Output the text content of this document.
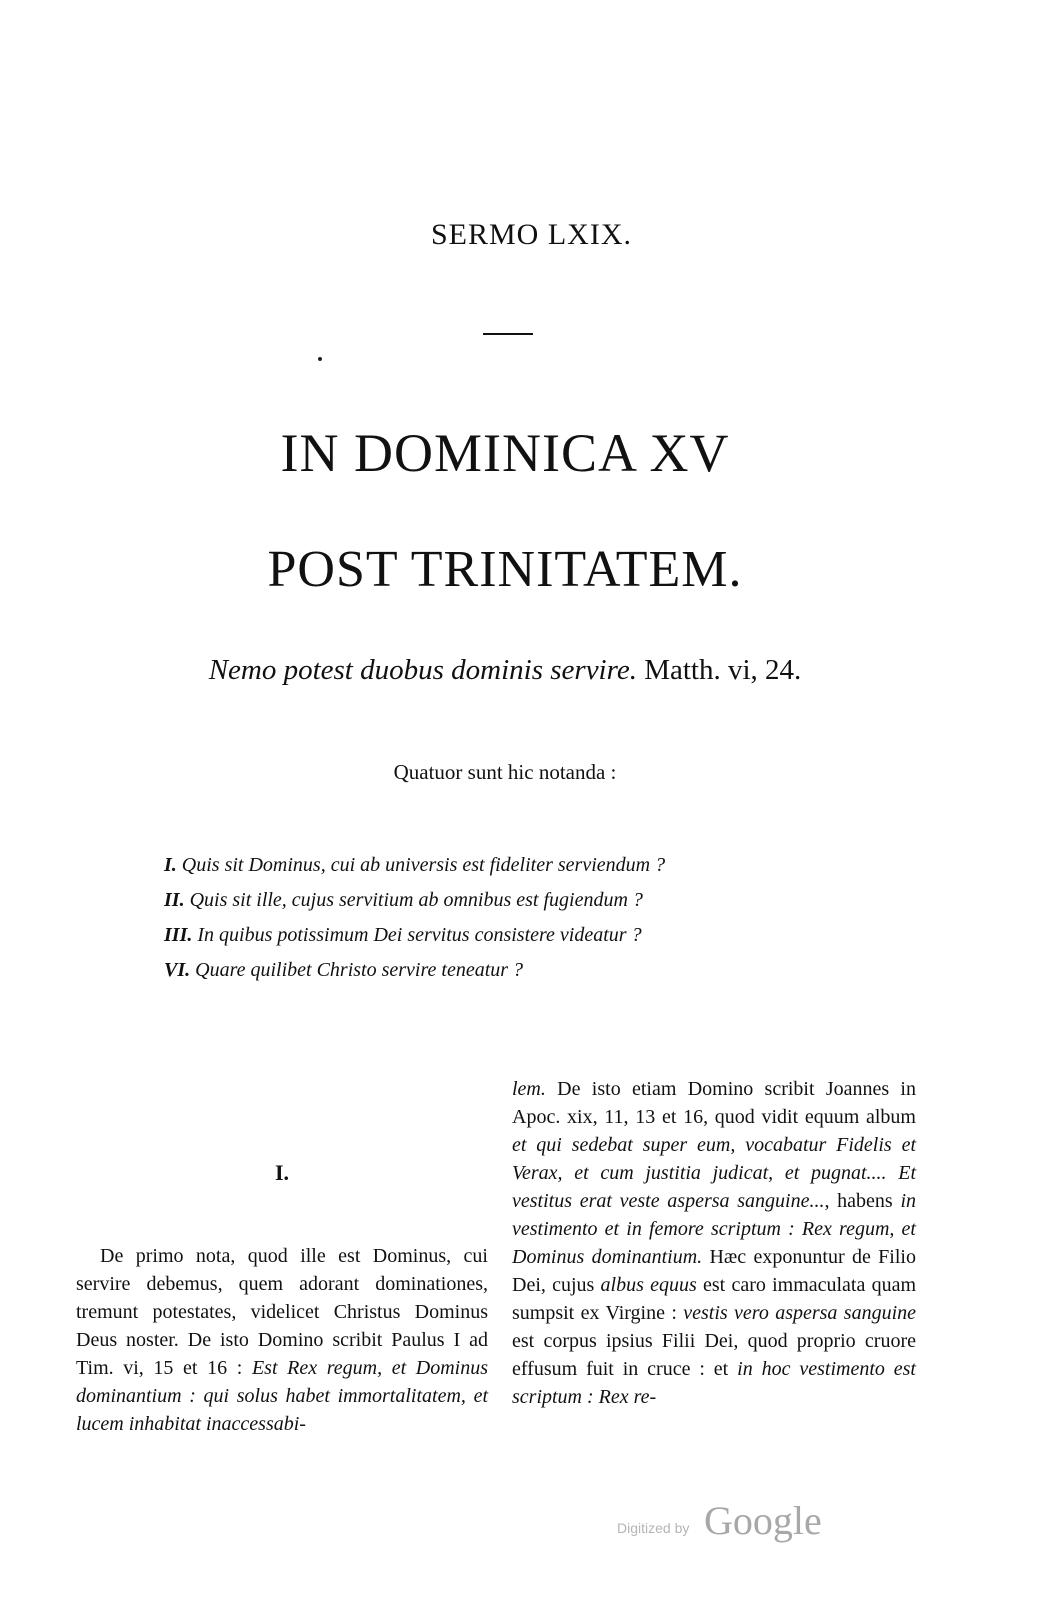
SERMO LXIX.
IN DOMINICA XV
POST TRINITATEM.
Nemo potest duobus dominis servire. Matth. vi, 24.
Quatuor sunt hic notanda :
I. Quis sit Dominus, cui ab universis est fideliter serviendum ?
II. Quis sit ille, cujus servitium ab omnibus est fugiendum ?
III. In quibus potissimum Dei servitus consistere videatur ?
VI. Quare quilibet Christo servire teneatur ?
I.

De primo nota, quod ille est Dominus, cui servire debemus, quem adorant dominationes, tremunt potestates, videlicet Christus Dominus Deus noster. De isto Domino scribit Paulus I ad Tim. vi, 15 et 16 : Est Rex regum, et Dominus dominantium : qui solus habet immortalitatem, et lucem inhabitat inaccessabi-

lem. De isto etiam Domino scribit Joannes in Apoc. xix, 11, 13 et 16, quod vidit equum album et qui sedebat super eum, vocabatur Fidelis et Verax, et cum justitia judicat, et pugnat.... Et vestitus erat veste aspersa sanguine..., habens in vestimento et in femore scriptum : Rex regum, et Dominus dominantium. Hæc exponuntur de Filio Dei, cujus albus equus est caro immaculata quam sumpsit ex Virgine : vestis vero aspersa sanguine est corpus ipsius Filii Dei, quod proprio cruore effusum fuit in cruce : et in hoc vestimento est scriptum : Rex re-

Digitized by Google
